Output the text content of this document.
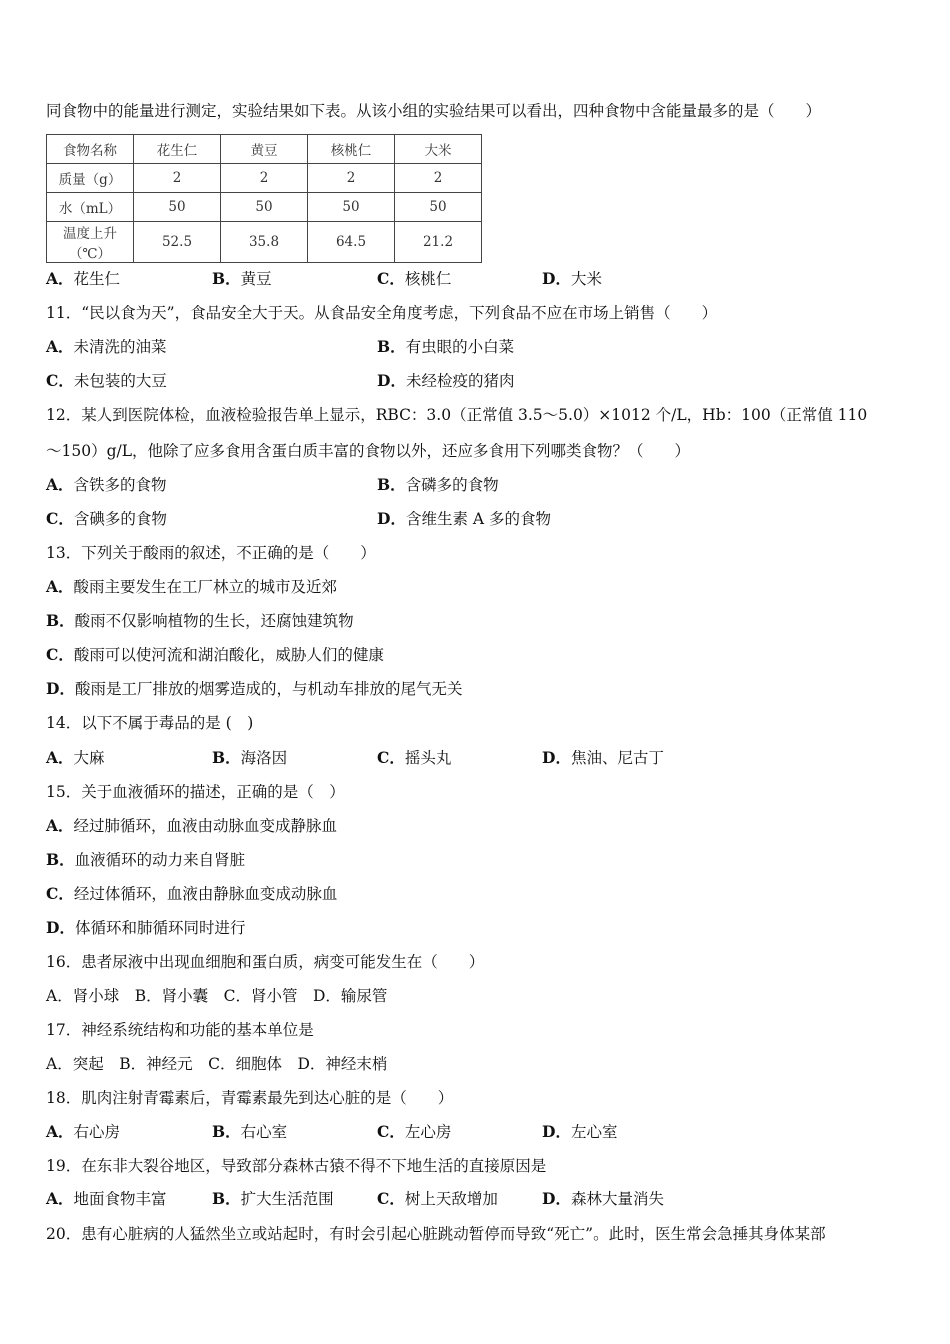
同食物中的能量进行测定，实验结果如下表。从该小组的实验结果可以看出，四种食物中含能量最多的是（　　）
食物名称	花生仁	黄豆	核桃仁	大米
质量（g）	2	2	2	2
水（mL）	50	50	50	50
温度上升（℃）	52.5	35.8	64.5	21.2
A．花生仁	B．黄豆	C．核桃仁	D．大米
11．“民以食为天”，食品安全大于天。从食品安全角度考虑，下列食品不应在市场上销售（　　）
A．未清洗的油菜	B．有虫眼的小白菜
C．未包装的大豆	D．未经检疫的猪肉
12．某人到医院体检，血液检验报告单上显示，RBC：3.0（正常值 3.5～5.0）×1012 个/L，Hb：100（正常值 110
～150）g/L，他除了应多食用含蛋白质丰富的食物以外，还应多食用下列哪类食物？（　　）
A．含铁多的食物	B．含磷多的食物
C．含碘多的食物	D．含维生素 A 多的食物
13．下列关于酸雨的叙述，不正确的是（　　）
A．酸雨主要发生在工厂林立的城市及近郊
B．酸雨不仅影响植物的生长，还腐蚀建筑物
C．酸雨可以使河流和湖泊酸化，威胁人们的健康
D．酸雨是工厂排放的烟雾造成的，与机动车排放的尾气无关
14．以下不属于毒品的是 (　)
A．大麻	B．海洛因	C．摇头丸	D．焦油、尼古丁
15．关于血液循环的描述，正确的是（　）
A．经过肺循环，血液由动脉血变成静脉血
B．血液循环的动力来自肾脏
C．经过体循环，血液由静脉血变成动脉血
D．体循环和肺循环同时进行
16．患者尿液中出现血细胞和蛋白质，病变可能发生在（　　）
A．肾小球　B．肾小囊　C．肾小管　D．输尿管
17．神经系统结构和功能的基本单位是
A．突起　B．神经元　C．细胞体　D．神经末梢
18．肌肉注射青霉素后，青霉素最先到达心脏的是（　　）
A．右心房	B．右心室	C．左心房	D．左心室
19．在东非大裂谷地区，导致部分森林古猿不得不下地生活的直接原因是
A．地面食物丰富	B．扩大生活范围	C．树上天敌增加	D．森林大量消失
20．患有心脏病的人猛然坐立或站起时，有时会引起心脏跳动暂停而导致“死亡”。此时，医生常会急捶其身体某部
